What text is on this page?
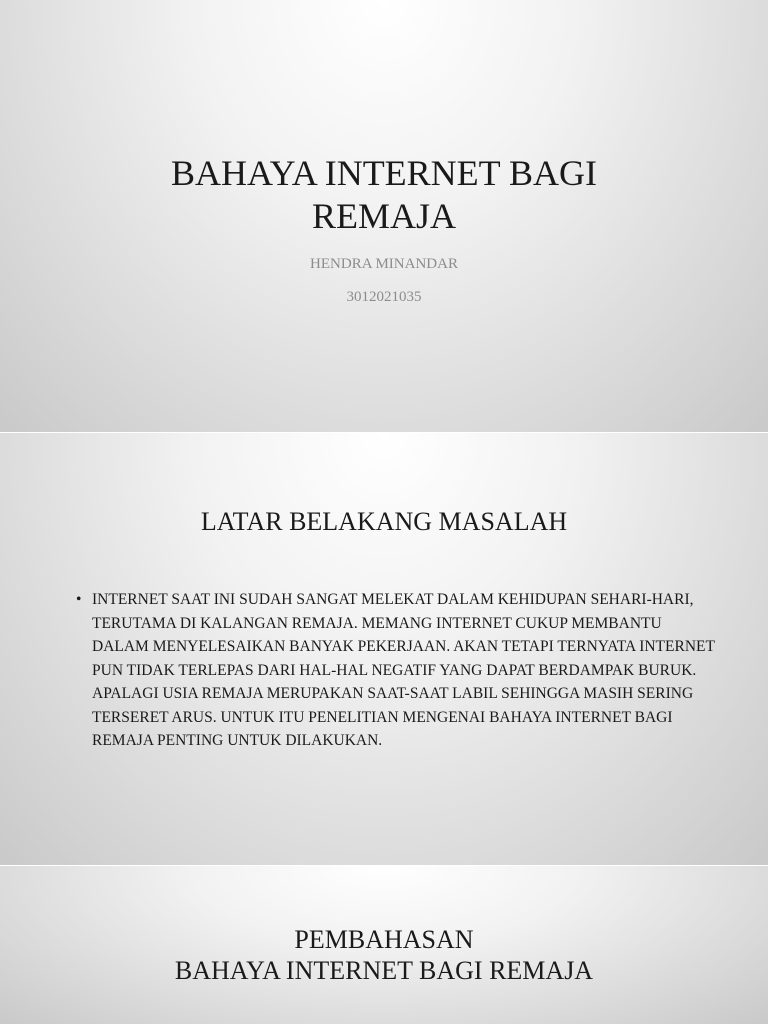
BAHAYA INTERNET BAGI REMAJA

HENDRA MINANDAR

3012021035

LATAR BELAKANG MASALAH
• INTERNET SAAT INI SUDAH SANGAT MELEKAT DALAM KEHIDUPAN SEHARI-HARI, TERUTAMA DI KALANGAN REMAJA. MEMANG INTERNET CUKUP MEMBANTU DALAM MENYELESAIKAN BANYAK PEKERJAAN. AKAN TETAPI TERNYATA INTERNET PUN TIDAK TERLEPAS DARI HAL-HAL NEGATIF YANG DAPAT BERDAMPAK BURUK. APALAGI USIA REMAJA MERUPAKAN SAAT-SAAT LABIL SEHINGGA MASIH SERING TERSERET ARUS. UNTUK ITU PENELITIAN MENGENAI BAHAYA INTERNET BAGI REMAJA PENTING UNTUK DILAKUKAN.
PEMBAHASAN
BAHAYA INTERNET BAGI REMAJA
